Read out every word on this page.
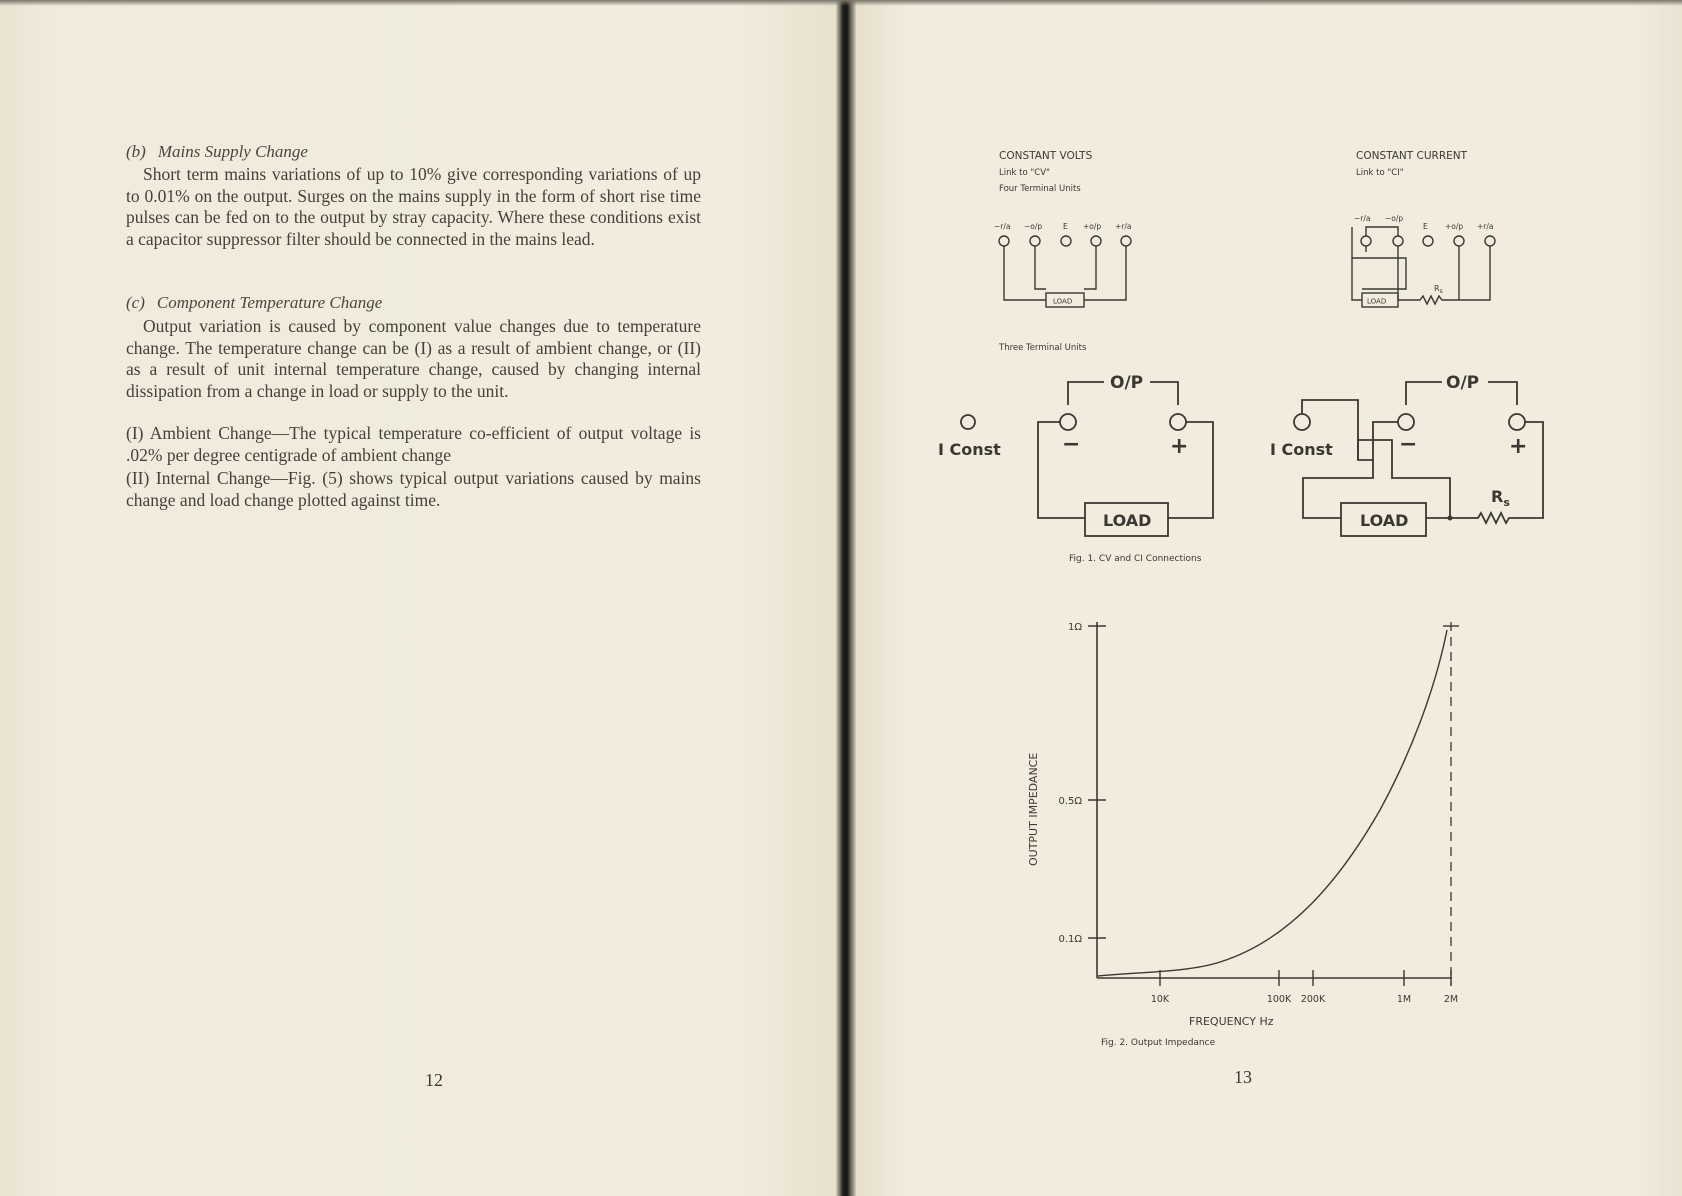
(b) Mains Supply Change

Short term mains variations of up to 10% give corresponding variations of up to 0.01% on the output. Surges on the mains supply in the form of short rise time pulses can be fed on to the output by stray capacity. Where these conditions exist a capacitor suppressor filter should be connected in the mains lead.

(c) Component Temperature Change

Output variation is caused by component value changes due to temperature change. The temperature change can be (I) as a result of ambient change, or (II) as a result of unit internal temperature change, caused by changing internal dissipation from a change in load or supply to the unit.

(I) Ambient Change—The typical temperature co-efficient of output voltage is .02% per degree centigrade of ambient change
(II) Internal Change—Fig. (5) shows typical output variations caused by mains change and load change plotted against time.
12
CONSTANT VOLTS
Link to "CV"
Four Terminal Units
CONSTANT CURRENT
Link to "CI"
−r/a −o/p	E +o/p +r/a
LOAD
−r/a −o/p
E +o/p +r/a
LOAD
$R_s$
Three Terminal Units
O/P
I Const	−	+
LOAD
O/P
I Const	−	+
LOAD
$R_s$
Fig. 1. CV and CI Connections
1Ω
0.5Ω
0.1Ω
10K	100K 200K	1M	2M
OUTPUT IMPEDANCE
FREQUENCY Hz
Fig. 2. Output Impedance
13
